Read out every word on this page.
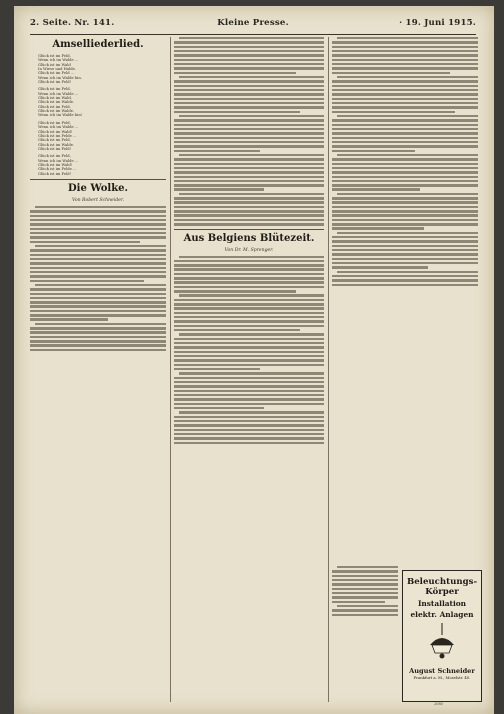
2. Seite. Nr. 141.	Kleine Presse.	· 19. Juni 1915.
Amselliederlied.
Glück ist im Feld,
Wenn ich im Walde ...
Glück ist im Wald
In Wiese und Halde.
Glück ist im Feld ...
Wenn ich im Walde bin.
Glück ist im Feld!
Glück ist im Feld,
Wenn ich im Walde ...
Glück ist im Wald,
Glück ist im Walde.
Glück ist im Feld,
Glück ist im Walde.
Wenn ich im Walde bin!
Glück ist im Feld,
Wenn ich im Walde ...
Glück ist im Wald!
Glück ist im Felde ...
Glück ist im Feld,
Glück ist im Walde.
Glück ist im Feld!
Glück ist im Feld,
Wenn ich im Walde ...
Glück ist im Wald!
Glück ist im Felde ...
Glück ist im Feld!
Die Wolke.
Von Robert Schneider.
Aus Belgiens Blütezeit.
Von Dr. M. Sprenger.
Beleuchtungs-
Körper
Installation
elektr. Anlagen
August Schneider
Frankfurt a. M., Moselstr. 40.
2080
